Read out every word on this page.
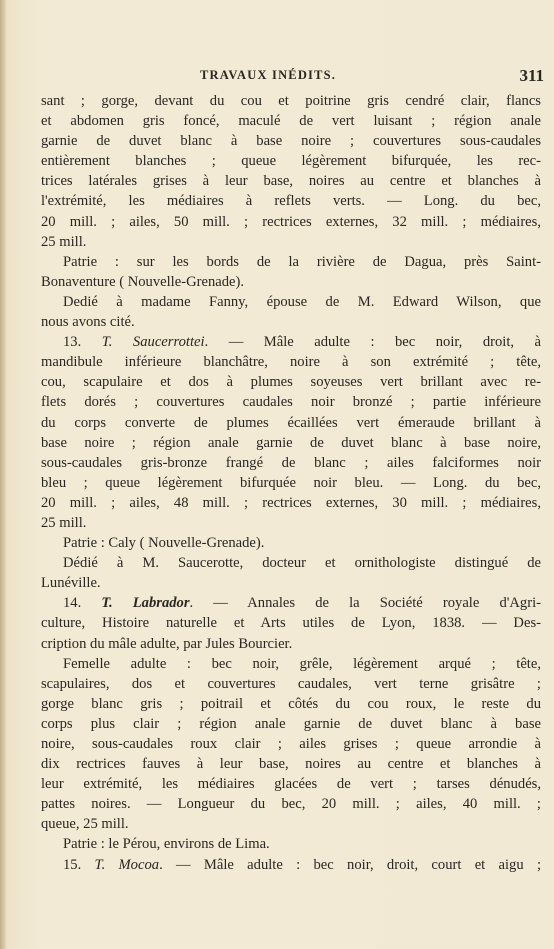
TRAVAUX INÉDITS.	311
sant ; gorge, devant du cou et poitrine gris cendré clair, flancs
et abdomen gris foncé, maculé de vert luisant ; région anale
garnie de duvet blanc à base noire ; couvertures sous-caudales
entièrement blanches ; queue légèrement bifurquée, les rec-
trices latérales grises à leur base, noires au centre et blanches à
l'extrémité, les médiaires à reflets verts. — Long. du bec,
20 mill. ; ailes, 50 mill. ; rectrices externes, 32 mill. ; médiaires,
25 mill.
Patrie : sur les bords de la rivière de Dagua, près Saint-
Bonaventure ( Nouvelle-Grenade).
Dedié à madame Fanny, épouse de M. Edward Wilson, que
nous avons cité.
13. T. Saucerrottei. — Mâle adulte : bec noir, droit, à
mandibule inférieure blanchâtre, noire à son extrémité ; tête,
cou, scapulaire et dos à plumes soyeuses vert brillant avec re-
flets dorés ; couvertures caudales noir bronzé ; partie inférieure
du corps converte de plumes écaillées vert émeraude brillant à
base noire ; région anale garnie de duvet blanc à base noire,
sous-caudales gris-bronze frangé de blanc ; ailes falciformes noir
bleu ; queue légèrement bifurquée noir bleu. — Long. du bec,
20 mill. ; ailes, 48 mill. ; rectrices externes, 30 mill. ; médiaires,
25 mill.
Patrie : Caly ( Nouvelle-Grenade).
Dédié à M. Saucerotte, docteur et ornithologiste distingué de
Lunéville.
14. T. Labrador. — Annales de la Société royale d'Agri-
culture, Histoire naturelle et Arts utiles de Lyon, 1838. — Des-
cription du mâle adulte, par Jules Bourcier.
Femelle adulte : bec noir, grêle, légèrement arqué ; tête,
scapulaires, dos et couvertures caudales, vert terne grisâtre ;
gorge blanc gris ; poitrail et côtés du cou roux, le reste du
corps plus clair ; région anale garnie de duvet blanc à base
noire, sous-caudales roux clair ; ailes grises ; queue arrondie à
dix rectrices fauves à leur base, noires au centre et blanches à
leur extrémité, les médiaires glacées de vert ; tarses dénudés,
pattes noires. — Longueur du bec, 20 mill. ; ailes, 40 mill. ;
queue, 25 mill.
Patrie : le Pérou, environs de Lima.
15. T. Mocoa. — Mâle adulte : bec noir, droit, court et aigu ;
